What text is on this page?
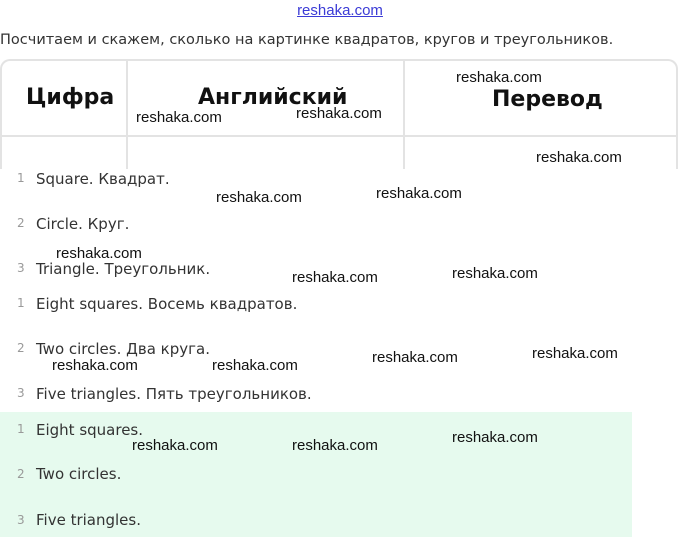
reshaka.com
Посчитаем и скажем, сколько на картинке квадратов, кругов и треугольников.
Цифра	Английский	Перевод
1 Square. Квадрат.
2 Circle. Круг.
3 Triangle. Треугольник.
1 Eight squares. Восемь квадратов.
2 Two circles. Два круга.
3 Five triangles. Пять треугольников.
1 Eight squares.
2 Two circles.
3 Five triangles.
reshaka.com
reshaka.com	reshaka.com
reshaka.com
reshaka.com	reshaka.com
reshaka.com
reshaka.com	reshaka.com
reshaka.com	reshaka.com	reshaka.com	reshaka.com
reshaka.com	reshaka.com	reshaka.com
